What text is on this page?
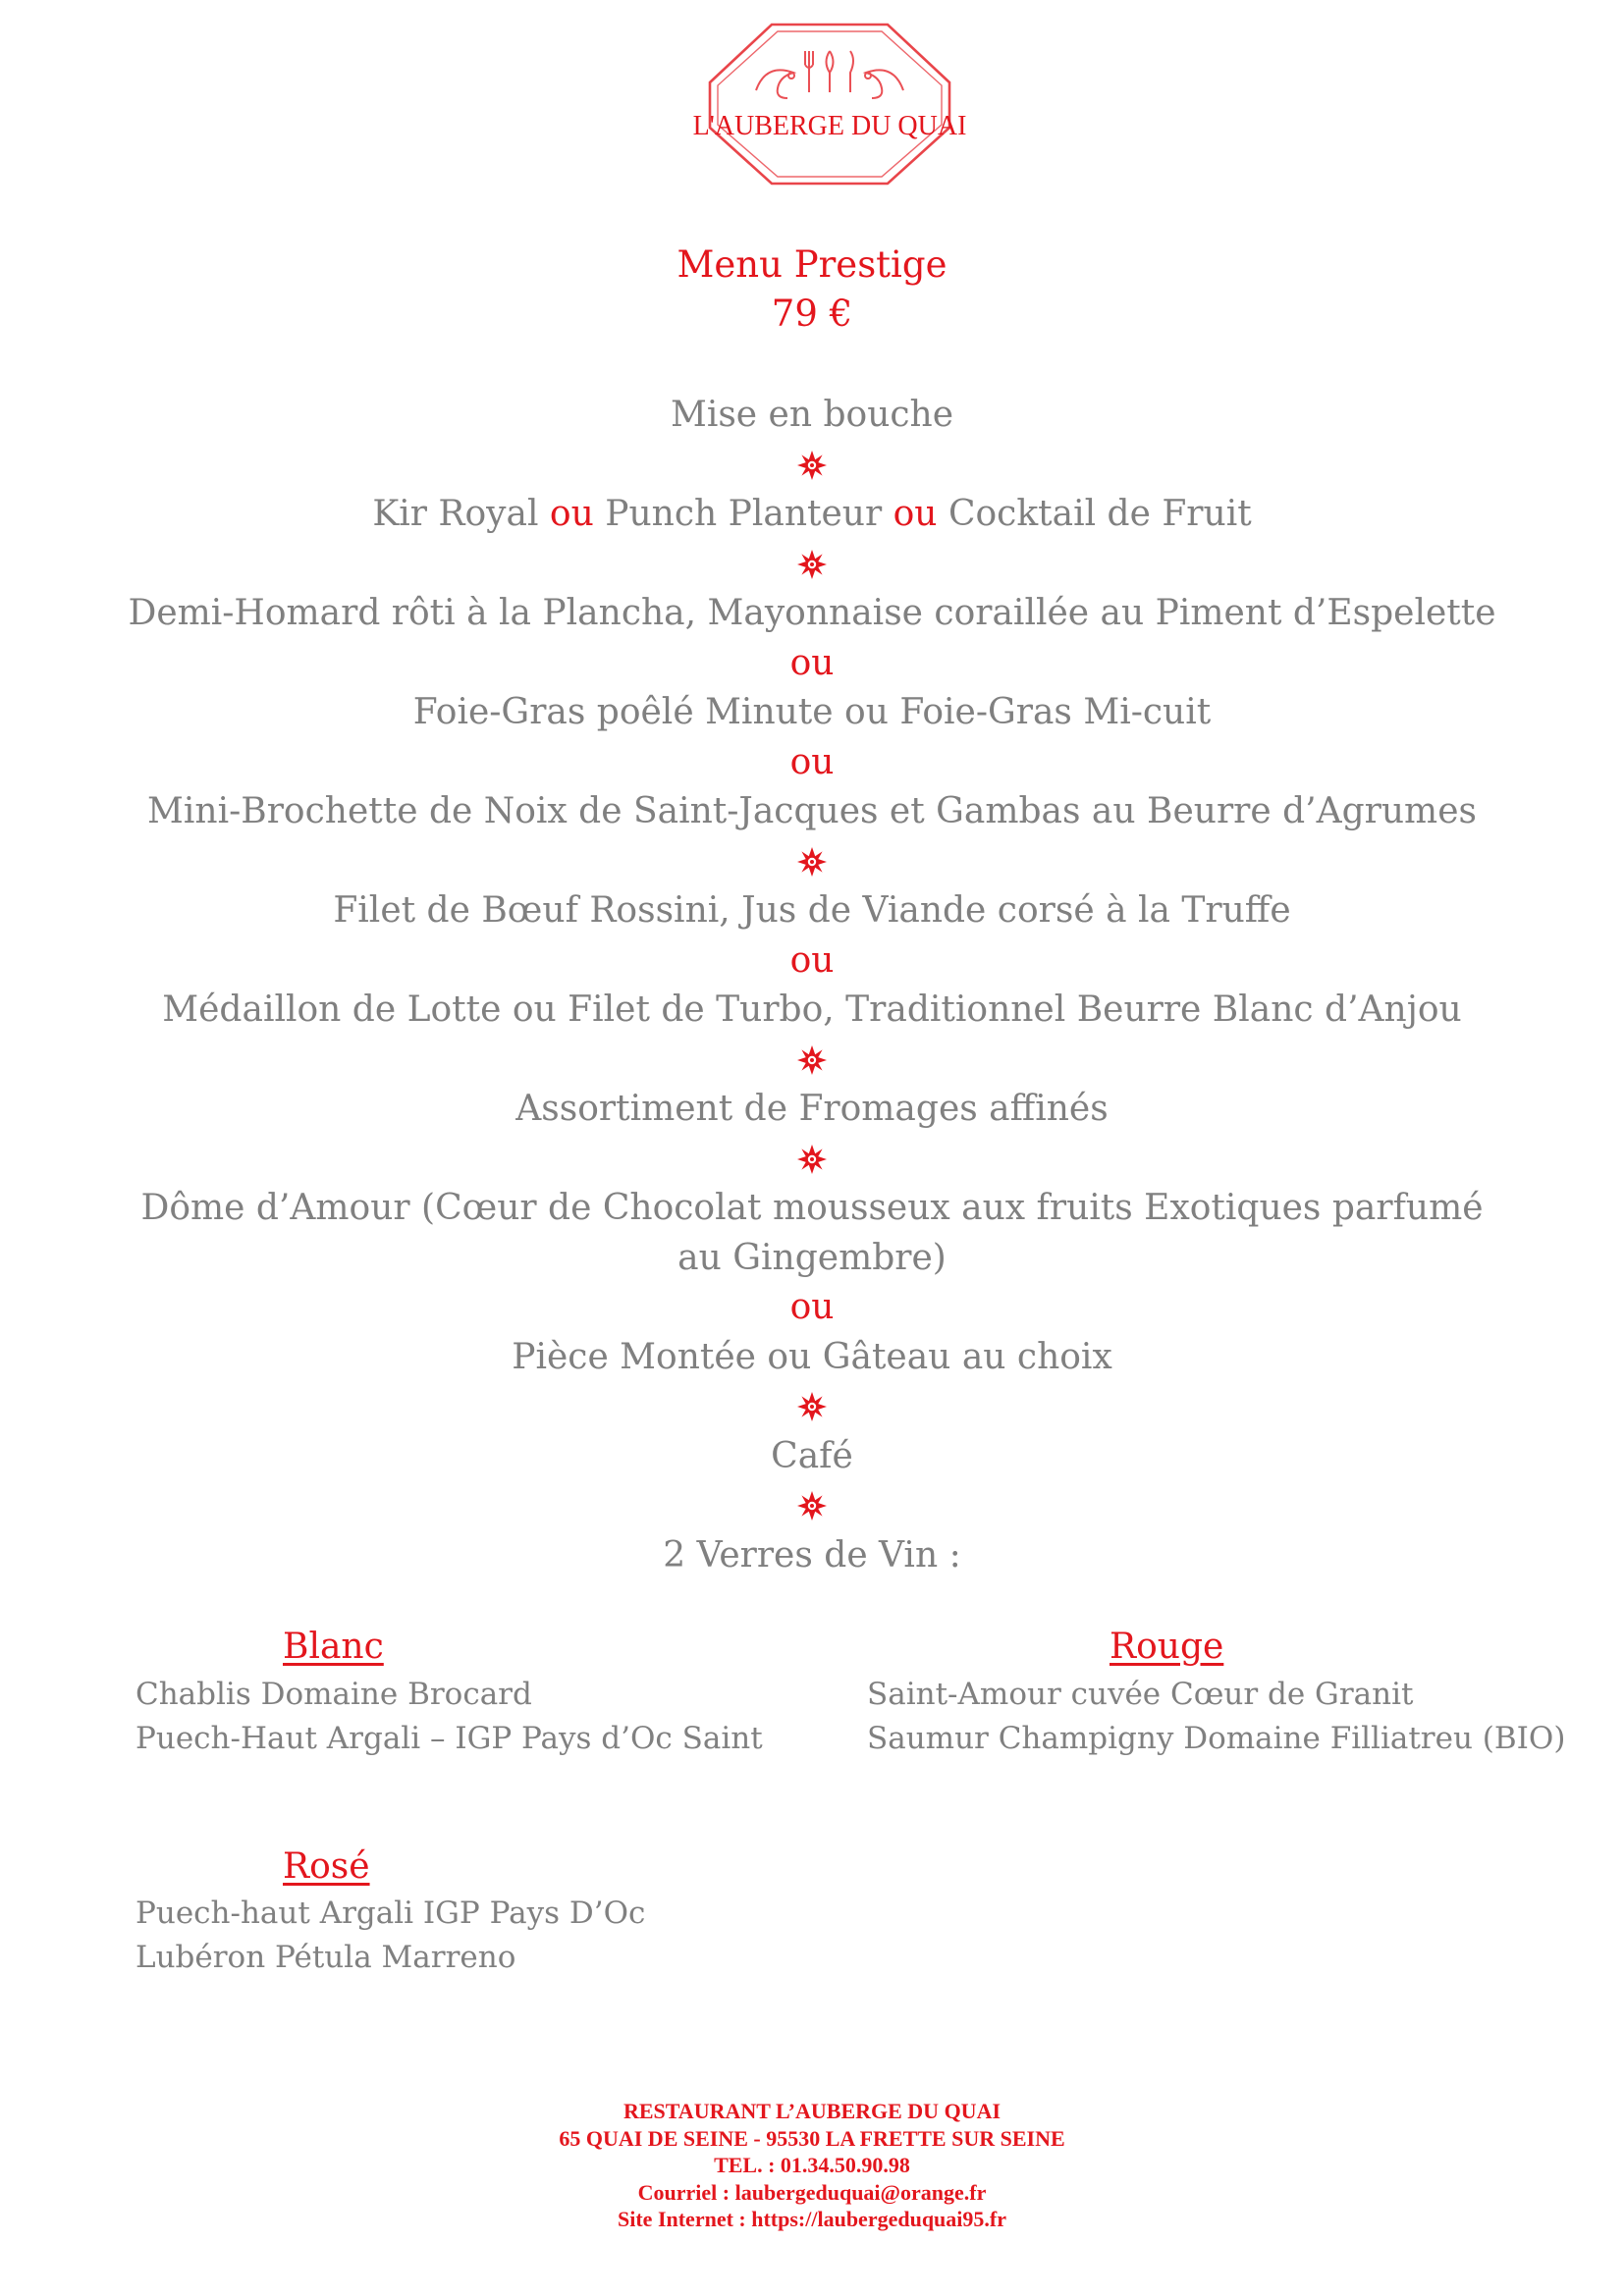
L'AUBERGE DU QUAI
Menu Prestige
79 €
Mise en bouche
Kir Royal ou Punch Planteur ou Cocktail de Fruit
Demi-Homard rôti à la Plancha, Mayonnaise coraillée au Piment d’Espelette
ou
Foie-Gras poêlé Minute ou Foie-Gras Mi-cuit
ou
Mini-Brochette de Noix de Saint-Jacques et Gambas au Beurre d’Agrumes
Filet de Bœuf Rossini, Jus de Viande corsé à la Truffe
ou
Médaillon de Lotte ou Filet de Turbo, Traditionnel Beurre Blanc d’Anjou
Assortiment de Fromages affinés
Dôme d’Amour (Cœur de Chocolat mousseux aux fruits Exotiques parfumé
au Gingembre)
ou
Pièce Montée ou Gâteau au choix
Café
2 Verres de Vin :
Blanc
Chablis Domaine Brocard
Puech-Haut Argali – IGP Pays d’Oc Saint
Rouge
Saint-Amour cuvée Cœur de Granit
Saumur Champigny Domaine Filliatreu (BIO)
Rosé
Puech-haut Argali IGP Pays D’Oc
Lubéron Pétula Marreno
RESTAURANT L’AUBERGE DU QUAI
65 QUAI DE SEINE - 95530 LA FRETTE SUR SEINE
TEL. : 01.34.50.90.98
Courriel : laubergeduquai@orange.fr
Site Internet : https://laubergeduquai95.fr
